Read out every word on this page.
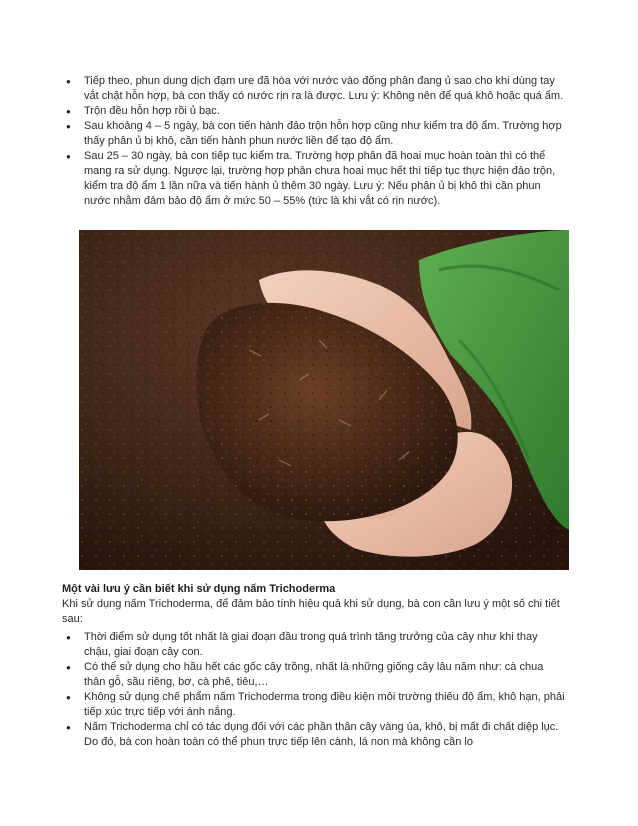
● Tiếp theo, phun dung dịch đạm ure đã hòa với nước vào đống phân đang ủ sao cho khi dùng tay vắt chặt hỗn hợp, bà con thấy có nước rịn ra là được. Lưu ý: Không nên để quá khô hoặc quá ẩm.
● Trộn đều hỗn hợp rồi ủ bạc.
● Sau khoảng 4 – 5 ngày, bà con tiến hành đảo trộn hỗn hợp cũng như kiểm tra độ ẩm. Trường hợp thấy phân ủ bị khô, cần tiến hành phun nước liền để tạo độ ẩm.
● Sau 25 – 30 ngày, bà con tiếp tục kiểm tra. Trường hợp phân đã hoai mục hoàn toàn thì có thể mang ra sử dụng. Ngược lại, trường hợp phân chưa hoai mục hết thì tiếp tục thực hiện đảo trộn, kiểm tra độ ẩm 1 lần nữa và tiến hành ủ thêm 30 ngày. Lưu ý: Nếu phân ủ bị khô thì cần phun nước nhằm đảm bảo độ ẩm ở mức 50 – 55% (tức là khi vắt có rịn nước).
Một vài lưu ý cần biết khi sử dụng nấm Trichoderma
Khi sử dụng nấm Trichoderma, để đảm bảo tính hiệu quả khi sử dụng, bà con cần lưu ý một số chi tiết sau:
● Thời điểm sử dụng tốt nhất là giai đoạn đầu trong quá trình tăng trưởng của cây như khi thay chậu, giai đoạn cây con.
● Có thể sử dụng cho hầu hết các gốc cây trồng, nhất là những giống cây lâu năm như: cà chua thân gỗ, sầu riêng, bơ, cà phê, tiêu,…
● Không sử dụng chế phẩm nấm Trichoderma trong điều kiện môi trường thiếu độ ẩm, khô hạn, phải tiếp xúc trực tiếp với ánh nắng.
● Nấm Trichoderma chỉ có tác dụng đối với các phần thân cây vàng úa, khô, bị mất đi chất diệp lục. Do đó, bà con hoàn toàn có thể phun trực tiếp lên cành, lá non mà không cần lo
